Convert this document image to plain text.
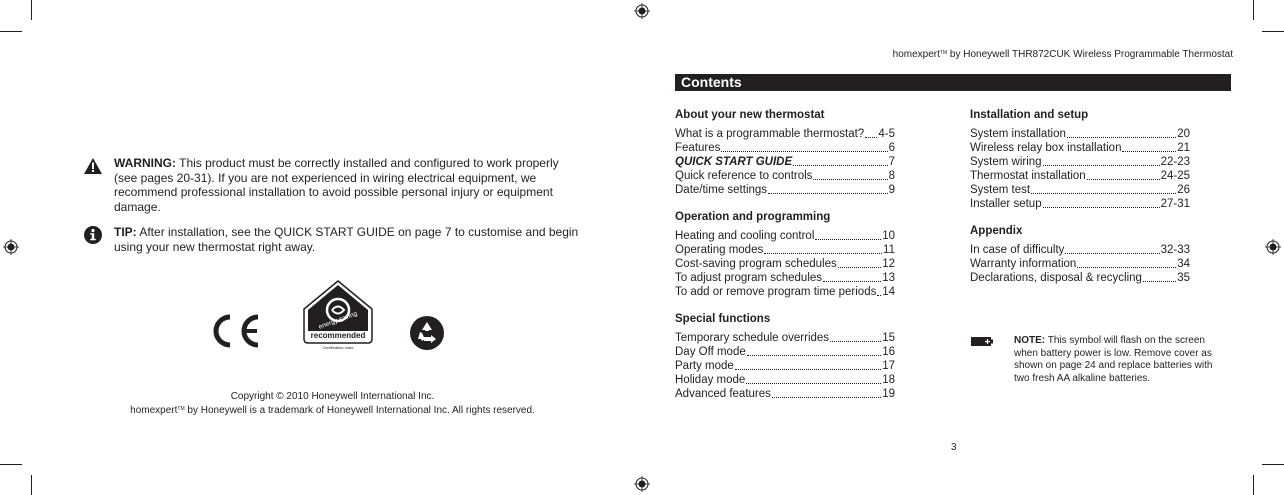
WARNING: This product must be correctly installed and configured to work properly (see pages 20-31). If you are not experienced in wiring electrical equipment, we recommend professional installation to avoid possible personal injury or equipment damage.
TIP: After installation, see the QUICK START GUIDE on page 7 to customise and begin using your new thermostat right away.
energy saving
recommended
Certification mark
Copyright © 2010 Honeywell International Inc.
homexpert™ by Honeywell is a trademark of Honeywell International Inc. All rights reserved.
homexpert™ by Honeywell THR872CUK Wireless Programmable Thermostat
Contents
About your new thermostat
What is a programmable thermostat? 4-5
Features	6
QUICK START GUIDE	7
Quick reference to controls	8
Date/time settings	9
Operation and programming
Heating and cooling control	10
Operating modes	11
Cost-saving program schedules	12
To adjust program schedules	13
To add or remove program time periods 14
Special functions
Temporary schedule overrides	15
Day Off mode	16
Party mode	17
Holiday mode	18
Advanced features	19
Installation and setup
System installation	20
Wireless relay box installation	21
System wiring	22-23
Thermostat installation	24-25
System test	26
Installer setup	27-31
Appendix
In case of difficulty	32-33
Warranty information	34
Declarations, disposal & recycling	35
NOTE: This symbol will flash on the screen when battery power is low. Remove cover as shown on page 24 and replace batteries with two fresh AA alkaline batteries.
3
